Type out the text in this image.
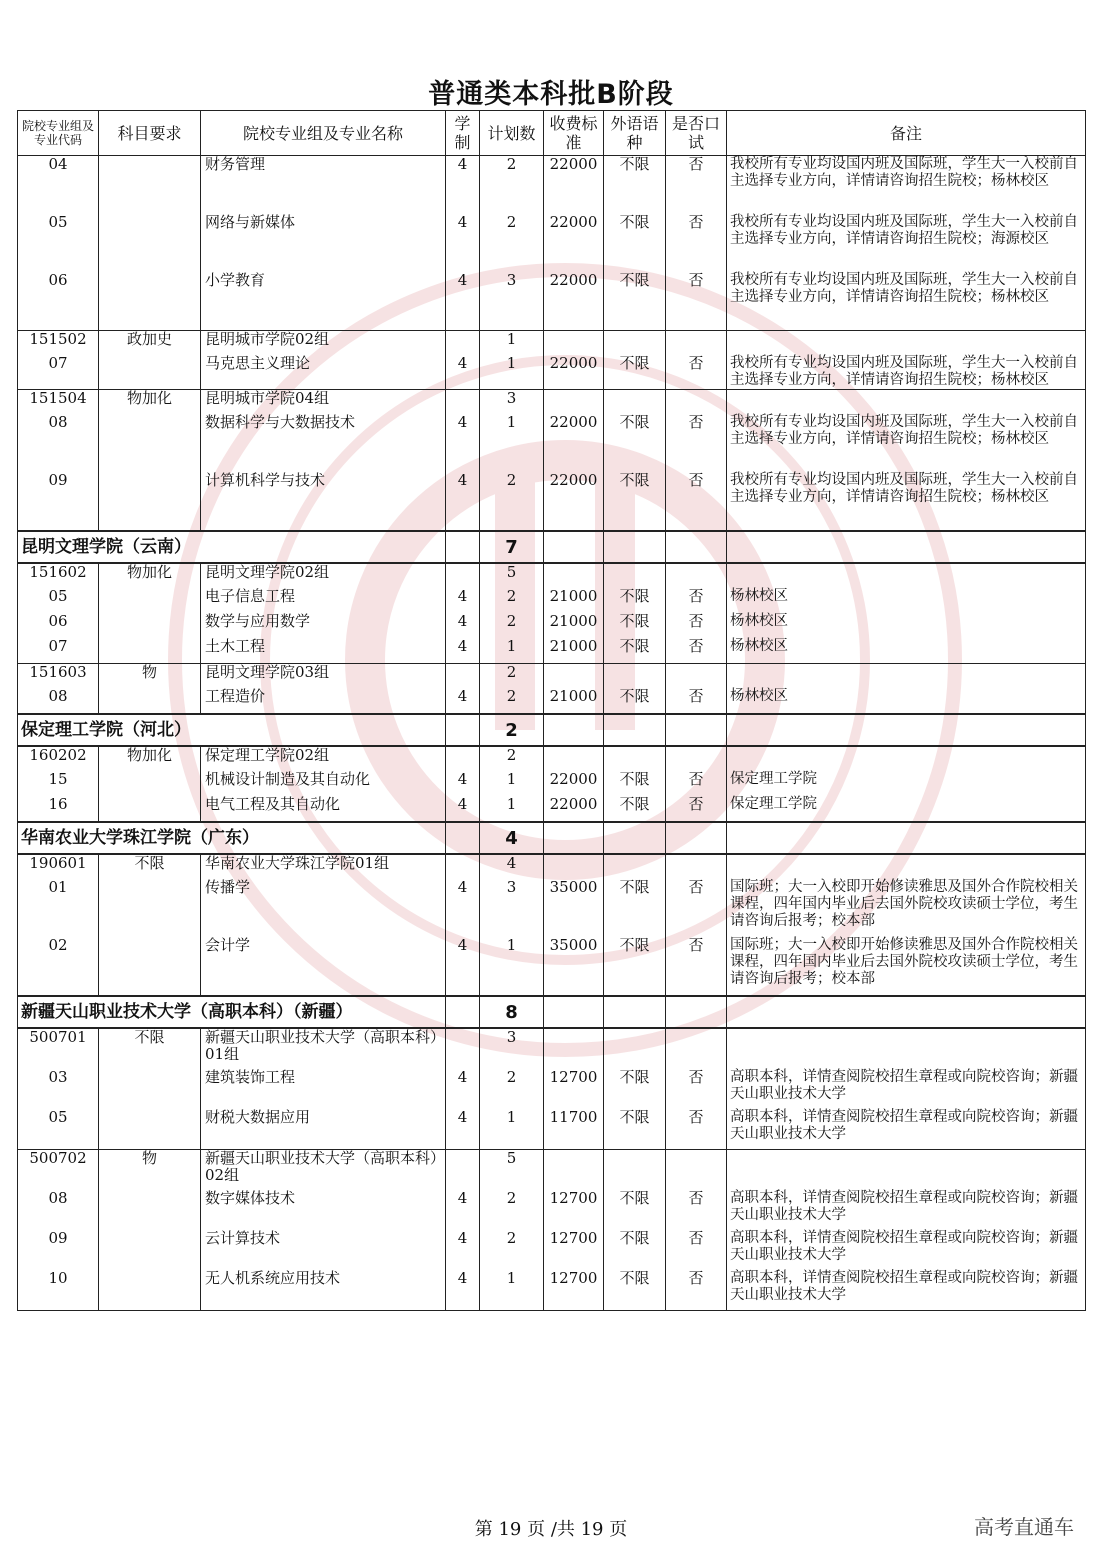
普通类本科批B阶段
院校专业组及专业代码	科目要求	院校专业组及专业名称	学制	计划数	收费标准	外语语种	是否口试	备注
04		财务管理	4	2	22000	不限	否	我校所有专业均设国内班及国际班，学生大一入校前自主选择专业方向，详情请咨询招生院校；杨林校区
05		网络与新媒体	4	2	22000	不限	否	我校所有专业均设国内班及国际班，学生大一入校前自主选择专业方向，详情请咨询招生院校；海源校区
06		小学教育	4	3	22000	不限	否	我校所有专业均设国内班及国际班，学生大一入校前自主选择专业方向，详情请咨询招生院校；杨林校区
151502	政加史	昆明城市学院02组		1				
07		马克思主义理论	4	1	22000	不限	否	我校所有专业均设国内班及国际班，学生大一入校前自主选择专业方向，详情请咨询招生院校；杨林校区
151504	物加化	昆明城市学院04组		3				
08		数据科学与大数据技术	4	1	22000	不限	否	我校所有专业均设国内班及国际班，学生大一入校前自主选择专业方向，详情请咨询招生院校；杨林校区
09		计算机科学与技术	4	2	22000	不限	否	我校所有专业均设国内班及国际班，学生大一入校前自主选择专业方向，详情请咨询招生院校；杨林校区
昆明文理学院（云南）				7				
151602	物加化	昆明文理学院02组		5				
05		电子信息工程	4	2	21000	不限	否	杨林校区
06		数学与应用数学	4	2	21000	不限	否	杨林校区
07		土木工程	4	1	21000	不限	否	杨林校区
151603	物	昆明文理学院03组		2				
08		工程造价	4	2	21000	不限	否	杨林校区
保定理工学院（河北）				2				
160202	物加化	保定理工学院02组		2				
15		机械设计制造及其自动化	4	1	22000	不限	否	保定理工学院
16		电气工程及其自动化	4	1	22000	不限	否	保定理工学院
华南农业大学珠江学院（广东）				4				
190601	不限	华南农业大学珠江学院01组		4				
01		传播学	4	3	35000	不限	否	国际班；大一入校即开始修读雅思及国外合作院校相关课程，四年国内毕业后去国外院校攻读硕士学位，考生请咨询后报考；校本部
02		会计学	4	1	35000	不限	否	国际班；大一入校即开始修读雅思及国外合作院校相关课程，四年国内毕业后去国外院校攻读硕士学位，考生请咨询后报考；校本部
新疆天山职业技术大学（高职本科）（新疆）				8				
500701	不限	新疆天山职业技术大学（高职本科）01组		3				
03		建筑装饰工程	4	2	12700	不限	否	高职本科，详情查阅院校招生章程或向院校咨询；新疆天山职业技术大学
05		财税大数据应用	4	1	11700	不限	否	高职本科，详情查阅院校招生章程或向院校咨询；新疆天山职业技术大学
500702	物	新疆天山职业技术大学（高职本科）02组		5				
08		数字媒体技术	4	2	12700	不限	否	高职本科，详情查阅院校招生章程或向院校咨询；新疆天山职业技术大学
09		云计算技术	4	2	12700	不限	否	高职本科，详情查阅院校招生章程或向院校咨询；新疆天山职业技术大学
10		无人机系统应用技术	4	1	12700	不限	否	高职本科，详情查阅院校招生章程或向院校咨询；新疆天山职业技术大学
第 19 页 /共 19 页	高考直通车
